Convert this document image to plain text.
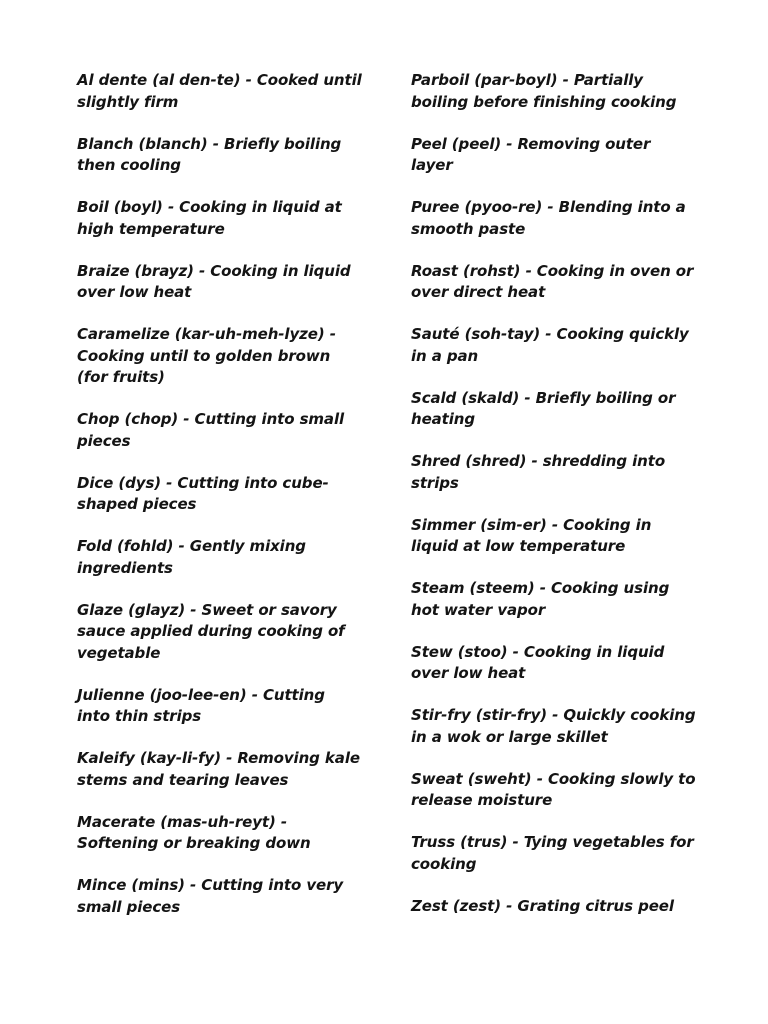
Al dente (al den-te) - Cooked until slightly firm
Blanch (blanch) - Briefly boiling then cooling
Boil (boyl) - Cooking in liquid at high temperature
Braize (brayz) - Cooking in liquid over low heat
Caramelize (kar-uh-meh-lyze) - Cooking until to golden brown (for fruits)
Chop (chop) - Cutting into small pieces
Dice (dys) - Cutting into cube-shaped pieces
Fold (fohld) - Gently mixing ingredients
Glaze (glayz) - Sweet or savory sauce applied during cooking of vegetable
Julienne (joo-lee-en) - Cutting into thin strips
Kaleify (kay-li-fy) - Removing kale stems and tearing leaves
Macerate (mas-uh-reyt) - Softening or breaking down
Mince (mins) - Cutting into very small pieces
Parboil (par-boyl) - Partially boiling before finishing cooking
Peel (peel) - Removing outer layer
Puree (pyoo-re) - Blending into a smooth paste
Roast (rohst) - Cooking in oven or over direct heat
Sauté (soh-tay) - Cooking quickly in a pan
Scald (skald) - Briefly boiling or heating
Shred (shred) - shredding into strips
Simmer (sim-er) - Cooking in liquid at low temperature
Steam (steem) - Cooking using hot water vapor
Stew (stoo) - Cooking in liquid over low heat
Stir-fry (stir-fry) - Quickly cooking in a wok or large skillet
Sweat (sweht) - Cooking slowly to release moisture
Truss (trus) - Tying vegetables for cooking
Zest (zest) - Grating citrus peel
